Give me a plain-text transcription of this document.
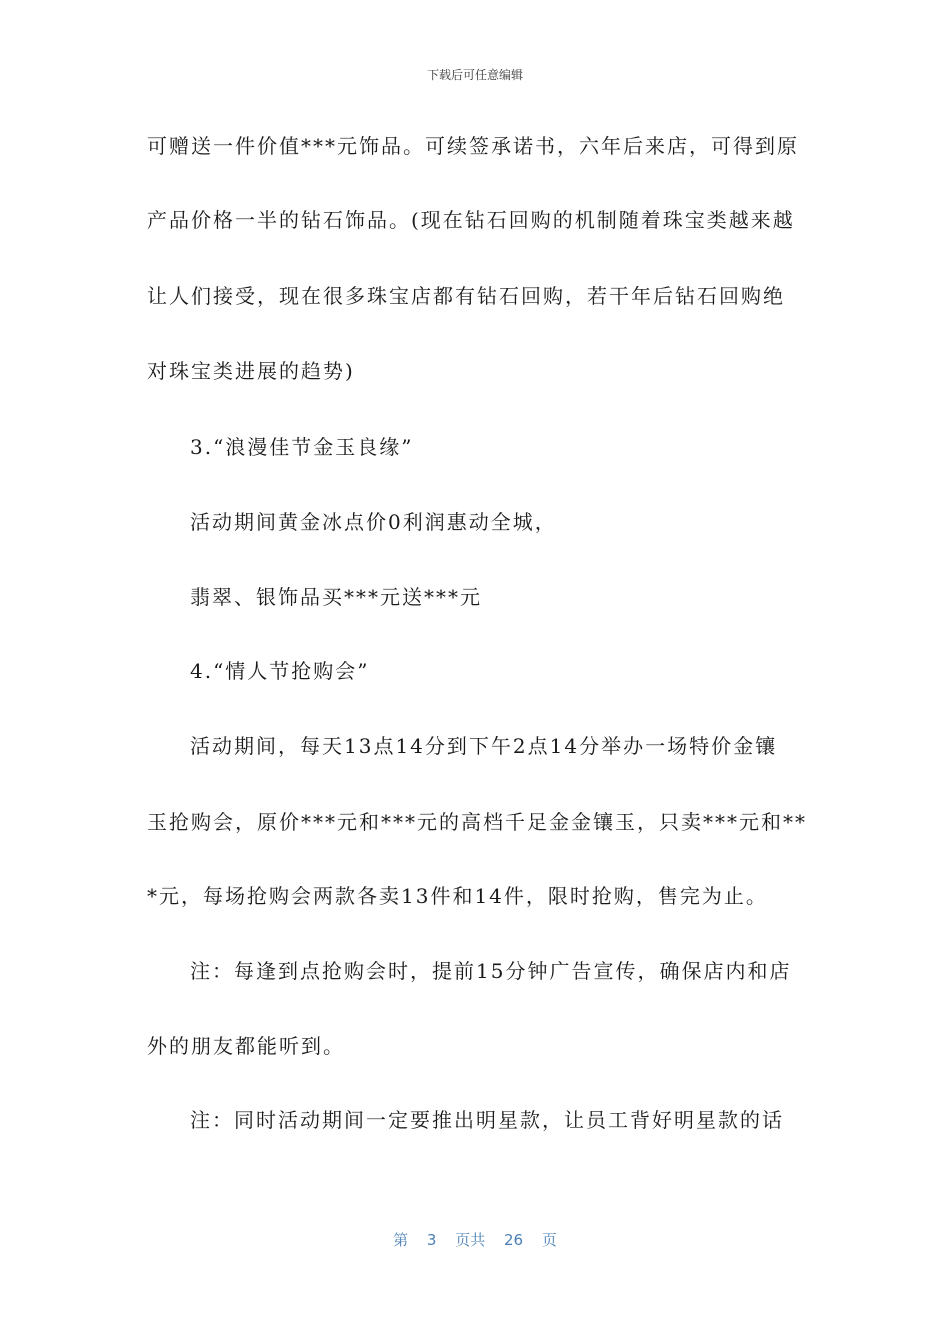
下载后可任意编辑
可赠送一件价值***元饰品。可续签承诺书，六年后来店，可得到原
产品价格一半的钻石饰品。(现在钻石回购的机制随着珠宝类越来越
让人们接受，现在很多珠宝店都有钻石回购，若干年后钻石回购绝
对珠宝类进展的趋势)
3.“浪漫佳节金玉良缘”
活动期间黄金冰点价0利润惠动全城，
翡翠、银饰品买***元送***元
4.“情人节抢购会”
活动期间，每天13点14分到下午2点14分举办一场特价金镶
玉抢购会，原价***元和***元的高档千足金金镶玉，只卖***元和**
*元，每场抢购会两款各卖13件和14件，限时抢购，售完为止。
注：每逢到点抢购会时，提前15分钟广告宣传，确保店内和店
外的朋友都能听到。
注：同时活动期间一定要推出明星款，让员工背好明星款的话
第 3 页共 26 页
